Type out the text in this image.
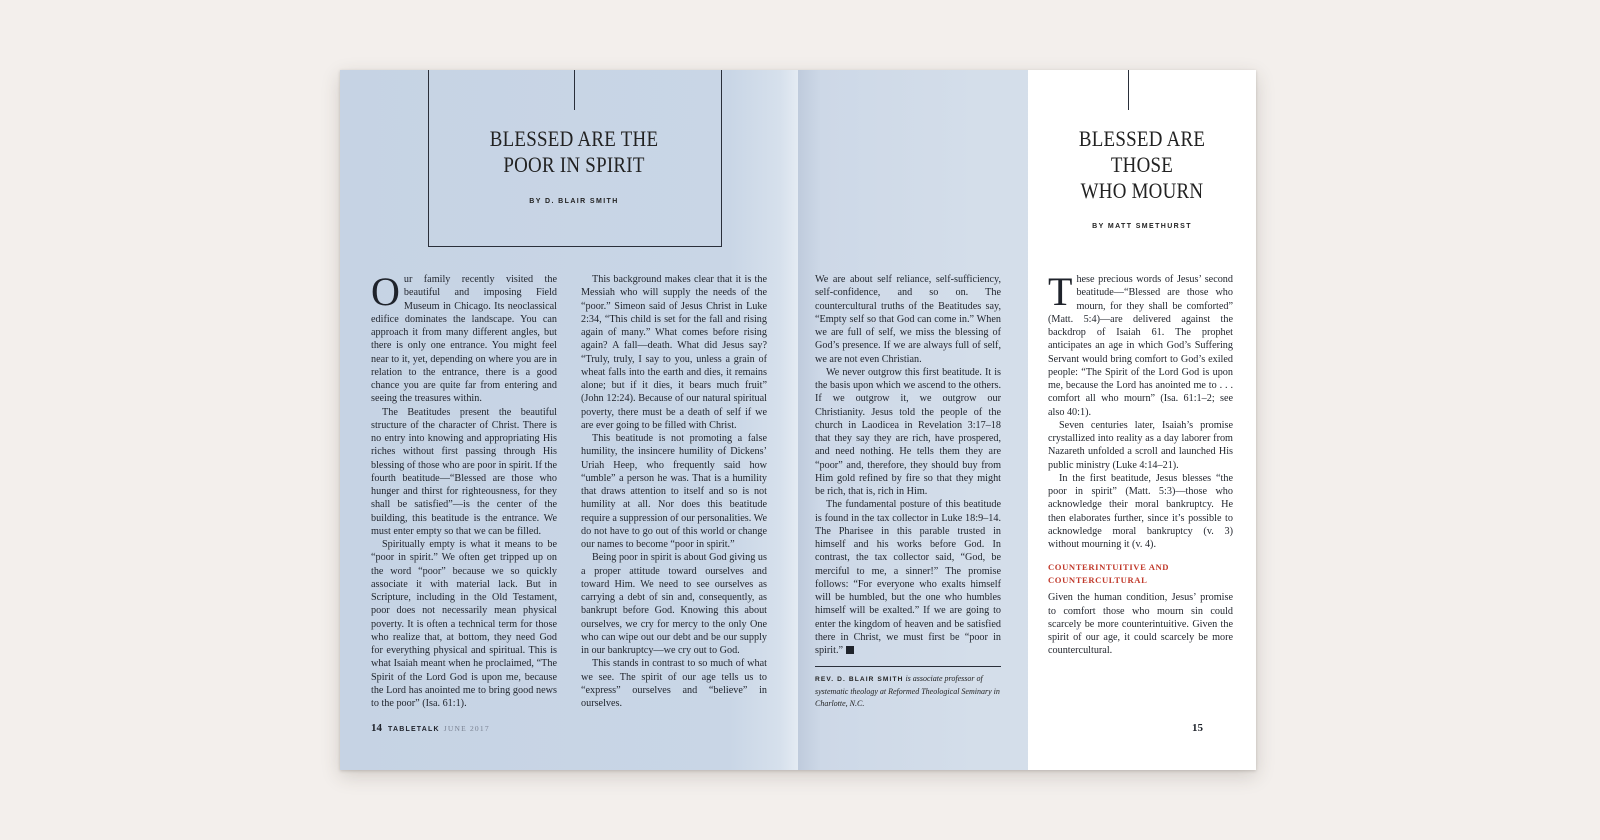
BLESSED ARE THE
POOR IN SPIRIT
BY D. BLAIR SMITH

Our family recently visited the beautiful and imposing Field Museum in Chicago. Its neoclassical edifice dominates the landscape. You can approach it from many different angles, but there is only one entrance. You might feel near to it, yet, depending on where you are in relation to the entrance, there is a good chance you are quite far from entering and seeing the treasures within.

The Beatitudes present the beautiful structure of the character of Christ. There is no entry into knowing and appropriating His riches without first passing through His blessing of those who are poor in spirit. If the fourth beatitude—“Blessed are those who hunger and thirst for righteousness, for they shall be satisfied”—is the center of the building, this beatitude is the entrance. We must enter empty so that we can be filled.

Spiritually empty is what it means to be “poor in spirit.” We often get tripped up on the word “poor” because we so quickly associate it with material lack. But in Scripture, including in the Old Testament, poor does not necessarily mean physical poverty. It is often a technical term for those who realize that, at bottom, they need God for everything physical and spiritual. This is what Isaiah meant when he proclaimed, “The Spirit of the Lord God is upon me, because the Lord has anointed me to bring good news to the poor” (Isa. 61:1).

This background makes clear that it is the Messiah who will supply the needs of the “poor.” Simeon said of Jesus Christ in Luke 2:34, “This child is set for the fall and rising again of many.” What comes before rising again? A fall—death. What did Jesus say? “Truly, truly, I say to you, unless a grain of wheat falls into the earth and dies, it remains alone; but if it dies, it bears much fruit” (John 12:24). Because of our natural spiritual poverty, there must be a death of self if we are ever going to be filled with Christ.

This beatitude is not promoting a false humility, the insincere humility of Dickens’ Uriah Heep, who frequently said how “umble” a person he was. That is a humility that draws attention to itself and so is not humility at all. Nor does this beatitude require a suppression of our personalities. We do not have to go out of this world or change our names to become “poor in spirit.”

Being poor in spirit is about God giving us a proper attitude toward ourselves and toward Him. We need to see ourselves as carrying a debt of sin and, consequently, as bankrupt before God. Knowing this about ourselves, we cry for mercy to the only One who can wipe out our debt and be our supply in our bankruptcy—we cry out to God.

This stands in contrast to so much of what we see. The spirit of our age tells us to “express” ourselves and “believe” in ourselves.

14 TABLETALK JUNE 2017

We are about self reliance, self-sufficiency, self-confidence, and so on. The countercultural truths of the Beatitudes say, “Empty self so that God can come in.” When we are full of self, we miss the blessing of God’s presence. If we are always full of self, we are not even Christian.

We never outgrow this first beatitude. It is the basis upon which we ascend to the others. If we outgrow it, we outgrow our Christianity. Jesus told the people of the church in Laodicea in Revelation 3:17–18 that they say they are rich, have prospered, and need nothing. He tells them they are “poor” and, therefore, they should buy from Him gold refined by fire so that they might be rich, that is, rich in Him.

The fundamental posture of this beatitude is found in the tax collector in Luke 18:9–14. The Pharisee in this parable trusted in himself and his works before God. In contrast, the tax collector said, “God, be merciful to me, a sinner!” The promise follows: “For everyone who exalts himself will be humbled, but the one who humbles himself will be exalted.” If we are going to enter the kingdom of heaven and be satisfied there in Christ, we must first be “poor in spirit.”

REV. D. BLAIR SMITH is associate professor of systematic theology at Reformed Theological Seminary in Charlotte, N.C.
BLESSED ARE
THOSE
WHO MOURN
BY MATT SMETHURST

These precious words of Jesus’ second beatitude—“Blessed are those who mourn, for they shall be comforted” (Matt. 5:4)—are delivered against the backdrop of Isaiah 61. The prophet anticipates an age in which God’s Suffering Servant would bring comfort to God’s exiled people: “The Spirit of the Lord God is upon me, because the Lord has anointed me to . . . comfort all who mourn” (Isa. 61:1–2; see also 40:1).

Seven centuries later, Isaiah’s promise crystallized into reality as a day laborer from Nazareth unfolded a scroll and launched His public ministry (Luke 4:14–21).

In the first beatitude, Jesus blesses “the poor in spirit” (Matt. 5:3)—those who acknowledge their moral bankruptcy. He then elaborates further, since it’s possible to acknowledge moral bankruptcy (v. 3) without mourning it (v. 4).

COUNTERINTUITIVE AND
COUNTERCULTURAL

Given the human condition, Jesus’ promise to comfort those who mourn sin could scarcely be more counterintuitive. Given the spirit of our age, it could scarcely be more countercultural.

15
